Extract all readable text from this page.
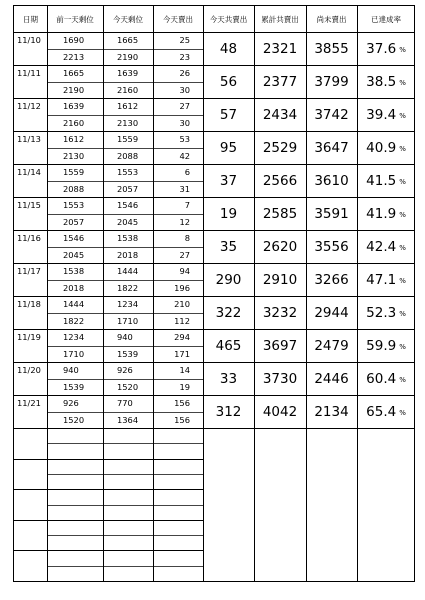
日期	前一天剩位	今天剩位	今天賣出	今天共賣出	累計共賣出	尚未賣出	已達成率
11/10	1690	1665	25
2213	2190	23	48	2321	3855	37.6 %
11/11	1665	1639	26
2190	2160	30	56	2377	3799	38.5 %
11/12	1639	1612	27
2160	2130	30	57	2434	3742	39.4 %
11/13	1612	1559	53
2130	2088	42	95	2529	3647	40.9 %
11/14	1559	1553	6
2088	2057	31	37	2566	3610	41.5 %
11/15	1553	1546	7
2057	2045	12	19	2585	3591	41.9 %
11/16	1546	1538	8
2045	2018	27	35	2620	3556	42.4 %
11/17	1538	1444	94
2018	1822	196	290	2910	3266	47.1 %
11/18	1444	1234	210
1822	1710	112	322	3232	2944	52.3 %
11/19	1234	940	294
1710	1539	171	465	3697	2479	59.9 %
11/20	940	926	14
1539	1520	19	33	3730	2446	60.4 %
11/21	926	770	156
1520	1364	156	312	4042	2134	65.4 %
